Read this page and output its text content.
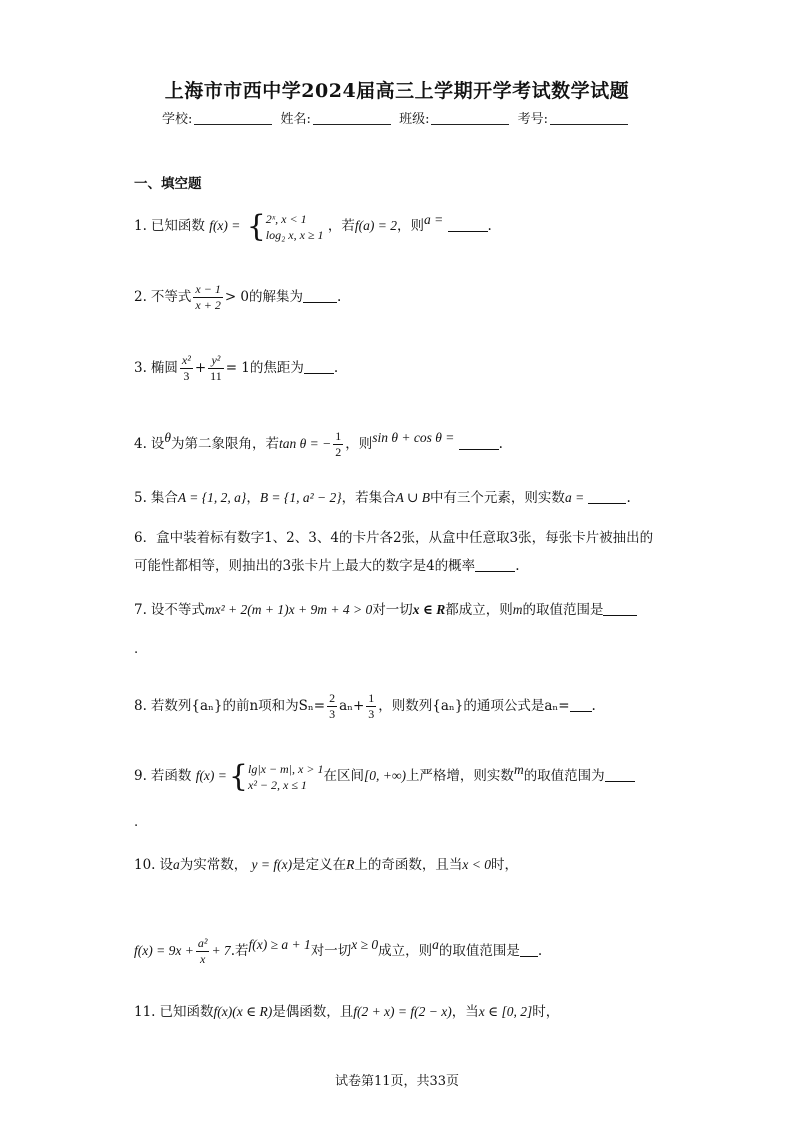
上海市市西中学2024届高三上学期开学考试数学试题
学校:	姓名:	班级:	考号:
一、填空题
1. 已知函数 f(x) = { 2ˣ, x < 1
log₂ x, x ≥ 1
，若f(a) = 2，则a =	.
2. 不等式 $\frac{x - 1}{x + 2} > 0$的解集为	.
3. 椭圆 $\frac{\text{x²}}{3} + \frac{\text{y²}}{11} = 1$的焦距为 .
4. 设θ为第二象限角，若tan θ = − $\frac{1}{2}$ ，则sin θ + cos θ =	.
5. 集合A = {1, 2, a}，B = {1, a² − 2}，若集合A ∪ B中有三个元素，则实数a =	.
6．盒中装着标有数字1、2、3、4的卡片各2张，从盒中任意取3张，每张卡片被抽出的
可能性都相等，则抽出的3张卡片上最大的数字是4的概率	.
7. 设不等式mx² + 2(m + 1)x + 9m + 4 > 0对一切x ∈ R都成立，则m的取值范围是
.
8. 若数列{aₙ}的前n项和为$S_n= \frac{2}{3} a_n+ \frac{1}{3}$ ，则数列{aₙ}的通项公式是aₙ= .
9. 若函数 f(x) ={ lg|x − m|, x > 1
x² − 2, x ≤ 1
在区间[0, +∞)上严格增，则实数m的取值范围为
.
10. 设a为实常数， y = f(x)是定义在R上的奇函数，且当x < 0时，
$f(x) = 9x + \frac{\text{a²}}{x} + 7$.若f(x) ≥ a + 1对一切x ≥ 0成立，则a的取值范围是 .
11. 已知函数f(x)(x ∈ R)是偶函数，且f(2 + x) = f(2 − x)，当x ∈ [0, 2]时，
试卷第11页，共33页
